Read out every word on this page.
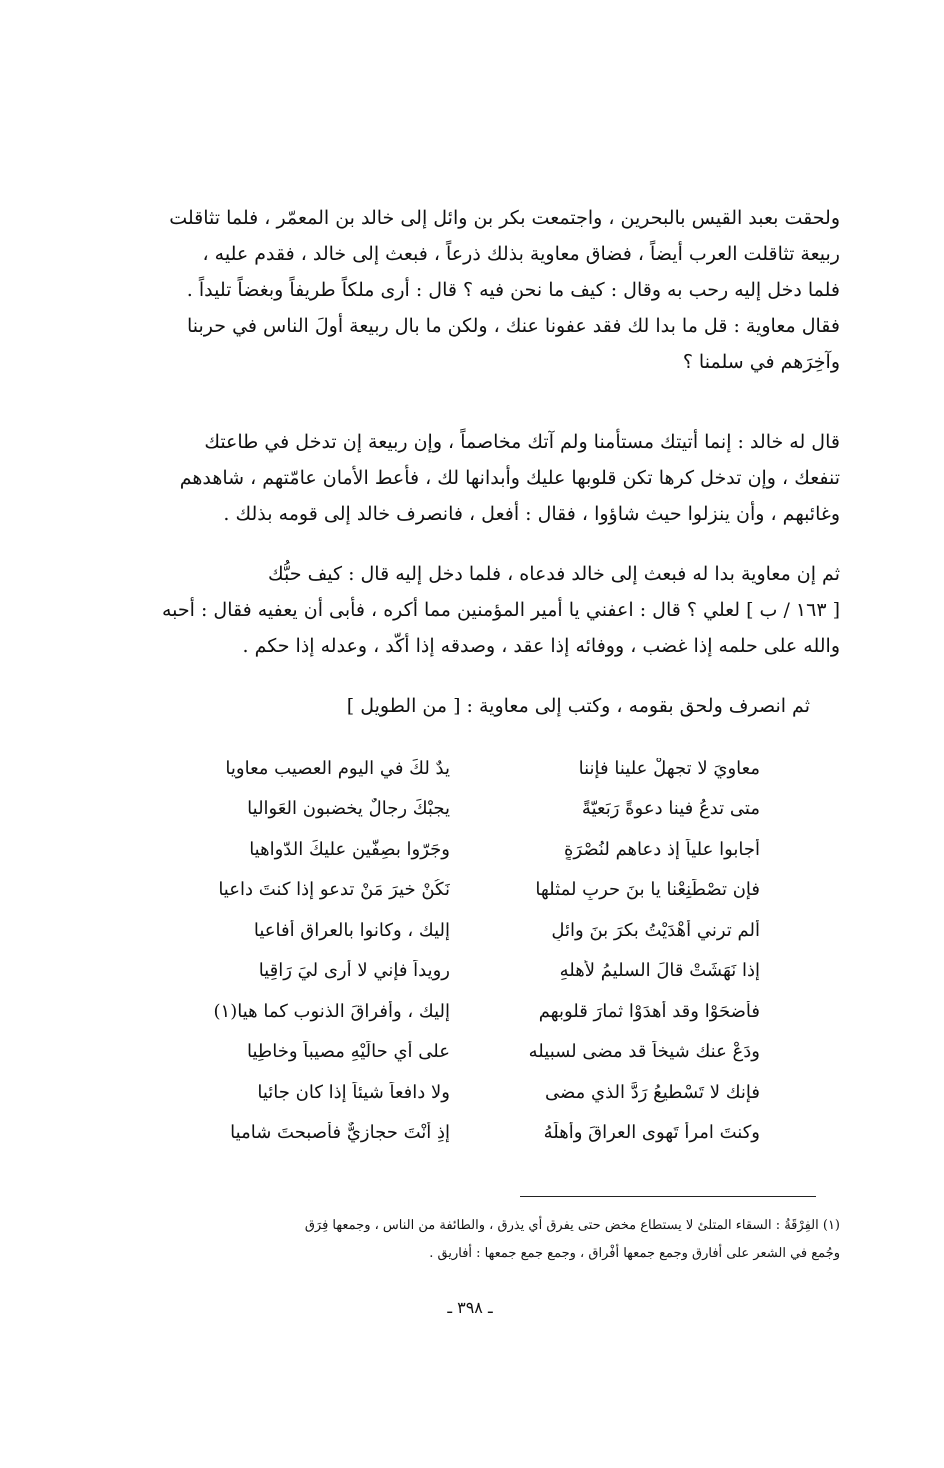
ولحقت بعبد القيس بالبحرين ، واجتمعت بكر بن وائل إلى خالد بن المعمّر ، فلما تثاقلت
ربيعة تثاقلت العرب أيضاً ، فضاق معاوية بذلك ذرعاً ، فبعث إلى خالد ، فقدم عليه ،
فلما دخل إليه رحب به وقال : كيف ما نحن فيه ؟ قال : أرى ملكاً طريفاً وبغضاً تليداً .
فقال معاوية : قل ما بدا لك فقد عفونا عنك ، ولكن ما بال ربيعة أولَ الناس في حربنا
وآخِرَهم في سلمنا ؟

قال له خالد : إنما أتيتك مستأمنا ولم آتك مخاصماً ، وإن ربيعة إن تدخل في طاعتك
تنفعك ، وإن تدخل كرها تكن قلوبها عليك وأبدانها لك ، فأعط الأمان عامّتهم ، شاهدهم
وغائبهم ، وأن ينزلوا حيث شاؤوا ، فقال : أفعل ، فانصرف خالد إلى قومه بذلك .

ثم إن معاوية بدا له فبعث إلى خالد فدعاه ، فلما دخل إليه قال : كيف حبُّك
[ ١٦٣ / ب ] لعلي ؟ قال : اعفني يا أمير المؤمنين مما أكره ، فأبى أن يعفيه فقال : أحبه
والله على حلمه إذا غضب ، ووفائه إذا عقد ، وصدقه إذا أكّد ، وعدله إذا حكم .

ثم انصرف ولحق بقومه ، وكتب إلى معاوية : [ من الطويل ]

معاويَ لا تجهلْ علينا فإننا
يدٌ لكَ في اليوم العصيب معاويا
متى تدعُ فينا دعوةً رَبَعيّةً
يجبْكَ رجالٌ يخضبون العَواليا
أجابوا علياً إذ دعاهم لنُصْرَةٍ
وجَرّوا بصِفّين عليكَ الدّواهيا
فإن تصْطَنِعْنا يا بنَ حربٍ لمثلها
نَكُنْ خيرَ مَنْ تدعو إذا كنتَ داعيا
ألم ترني أهْدَيْتُ بكرَ بنَ وائلٍ
إليك ، وكانوا بالعراقِ أفاعيا
إذا نَهَشَتْ قالَ السليمُ لأهلهِ
رويداً فإني لا أرى ليَ رَاقِيا
فأضحَوْا وقد أهدَوْا ثمارَ قلوبهم
إليك ، وأفراقَ الذنوب كما هيا(١)
ودَعْ عنك شيخاً قد مضى لسبيله
على أي حالَيْهِ مصيباً وخاطِيا
فإنك لا تَسْطيعُ رَدَّ الذي مضى
ولا دافعاً شيئاً إذا كان جائيا
وكنتَ امرأً تَهوى العراقَ وأهلَهُ
إذِ أنْتَ حجازيٌّ فأصبحتَ شاميا

(١) الفِرْقَةُ : السقاء المتلئ لا يستطاع مخض حتى يفرق أي يذرق ، والطائفة من الناس ، وجمعها فِرَق
وجُمع في الشعر على أفارق وجمع جمعها أفْراق ، وجمع جمع جمعها : أفاريق .

ـ ٣٩٨ ـ
